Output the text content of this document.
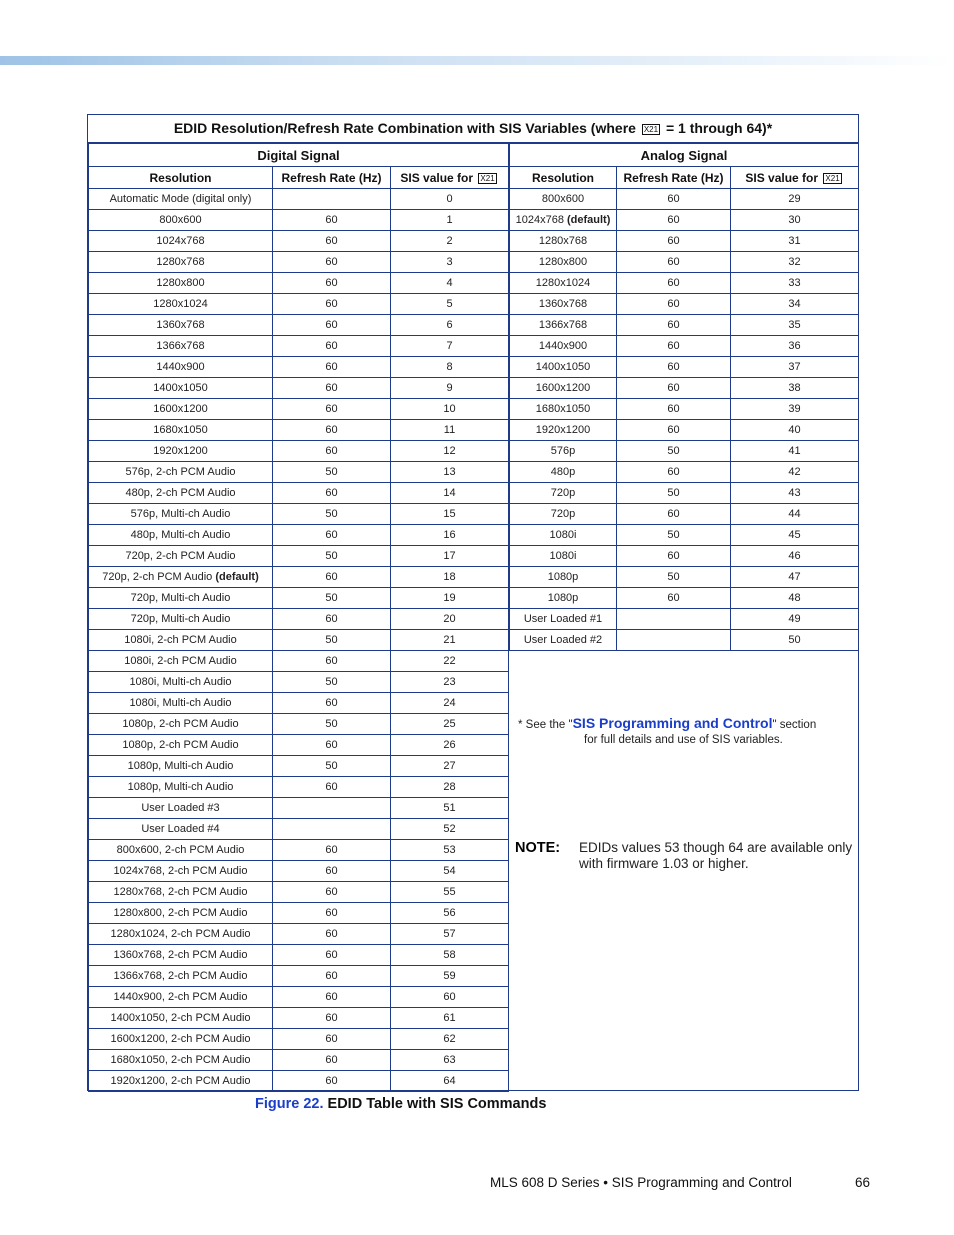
EDID Resolution/Refresh Rate Combination with SIS Variables (where X21 = 1 through 64)*
Digital Signal		
Resolution	Refresh Rate (Hz)	SIS value for X21
Automatic Mode (digital only)		0
800x600	60	1
1024x768	60	2
1280x768	60	3
1280x800	60	4
1280x1024	60	5
1360x768	60	6
1366x768	60	7
1440x900	60	8
1400x1050	60	9
1600x1200	60	10
1680x1050	60	11
1920x1200	60	12
576p, 2-ch PCM Audio	50	13
480p, 2-ch PCM Audio	60	14
576p, Multi-ch Audio	50	15
480p, Multi-ch Audio	60	16
720p, 2-ch PCM Audio	50	17
720p, 2-ch PCM Audio (default)	60	18
720p, Multi-ch Audio	50	19
720p, Multi-ch Audio	60	20
1080i, 2-ch PCM Audio	50	21
1080i, 2-ch PCM Audio	60	22
1080i, Multi-ch Audio	50	23
1080i, Multi-ch Audio	60	24
1080p, 2-ch PCM Audio	50	25
1080p, 2-ch PCM Audio	60	26
1080p, Multi-ch Audio	50	27
1080p, Multi-ch Audio	60	28
User Loaded #3		51
User Loaded #4		52
800x600, 2-ch PCM Audio	60	53
1024x768, 2-ch PCM Audio	60	54
1280x768, 2-ch PCM Audio	60	55
1280x800, 2-ch PCM Audio	60	56
1280x1024, 2-ch PCM Audio	60	57
1360x768, 2-ch PCM Audio	60	58
1366x768, 2-ch PCM Audio	60	59
1440x900, 2-ch PCM Audio	60	60
1400x1050, 2-ch PCM Audio	60	61
1600x1200, 2-ch PCM Audio	60	62
1680x1050, 2-ch PCM Audio	60	63
1920x1200, 2-ch PCM Audio	60	64
Analog Signal		
Resolution	Refresh Rate (Hz)	SIS value for X21
800x600	60	29
1024x768 (default)	60	30
1280x768	60	31
1280x800	60	32
1280x1024	60	33
1360x768	60	34
1366x768	60	35
1440x900	60	36
1400x1050	60	37
1600x1200	60	38
1680x1050	60	39
1920x1200	60	40
576p	50	41
480p	60	42
720p	50	43
720p	60	44
1080i	50	45
1080i	60	46
1080p	50	47
1080p	60	48
User Loaded #1		49
User Loaded #2		50
* See the "SIS Programming and Control" section
for full details and use of SIS variables.
NOTE: EDIDs values 53 though 64 are available only with firmware 1.03 or higher.
Figure 22. EDID Table with SIS Commands
MLS 608 D Series • SIS Programming and Control	66
